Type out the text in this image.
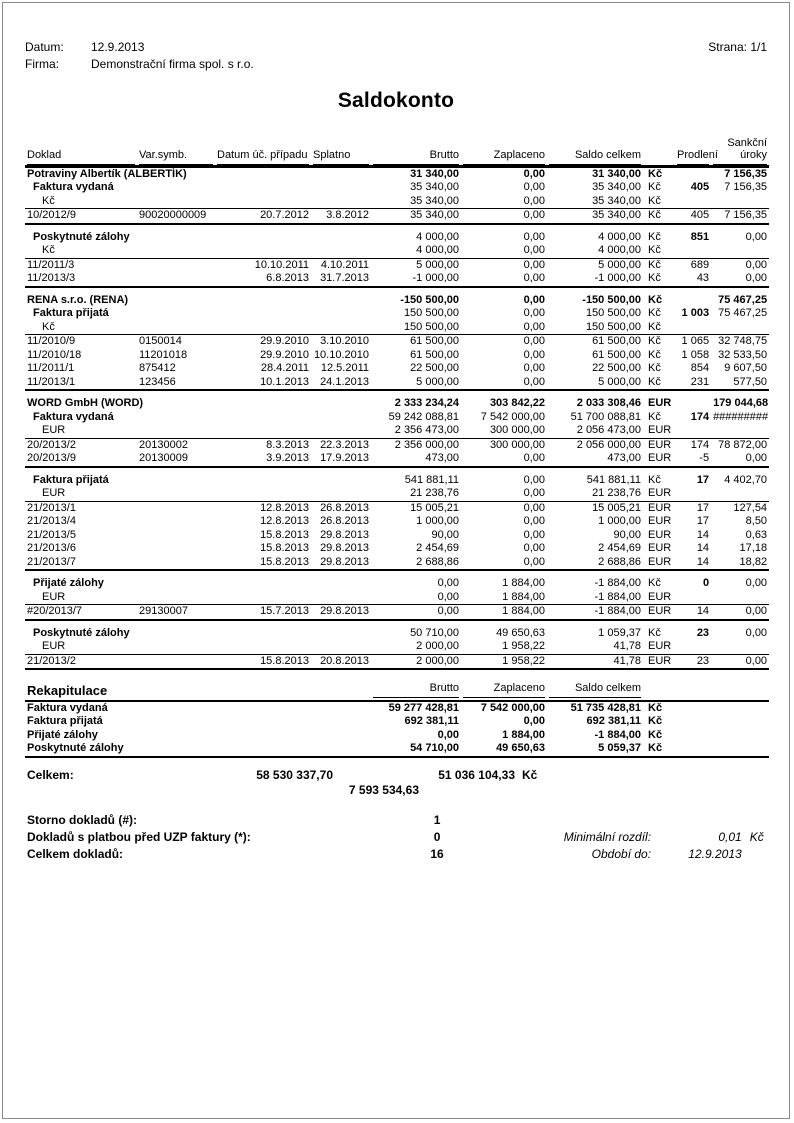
Datum:
Firma:
12.9.2013
Demonstrační firma spol. s r.o.
Strana: 1/1
Saldokonto
									Sankční

Doklad	Var.symb.	Datum úč. případu	Splatno	Brutto	Zaplaceno	Saldo celkem		Prodlení	úroky

Potraviny Albertík (ALBERTÍK)				31 340,00	0,00	31 340,00	Kč		7 156,35
Faktura vydaná				35 340,00	0,00	35 340,00	Kč	405	7 156,35
Kč				35 340,00	0,00	35 340,00	Kč		
10/2012/9	90020000009	20.7.2012	3.8.2012	35 340,00	0,00	35 340,00	Kč	405	7 156,35

Poskytnuté zálohy				4 000,00	0,00	4 000,00	Kč	851	0,00
Kč				4 000,00	0,00	4 000,00	Kč		
11/2011/3		10.10.2011	4.10.2011	5 000,00	0,00	5 000,00	Kč	689	0,00
11/2013/3		6.8.2013	31.7.2013	-1 000,00	0,00	-1 000,00	Kč	43	0,00

RENA s.r.o. (RENA)				-150 500,00	0,00	-150 500,00	Kč		75 467,25
Faktura přijatá				150 500,00	0,00	150 500,00	Kč	1 003	75 467,25
Kč				150 500,00	0,00	150 500,00	Kč		
11/2010/9	0150014	29.9.2010	3.10.2010	61 500,00	0,00	61 500,00	Kč	1 065	32 748,75
11/2010/18	11201018	29.9.2010	10.10.2010	61 500,00	0,00	61 500,00	Kč	1 058	32 533,50
11/2011/1	875412	28.4.2011	12.5.2011	22 500,00	0,00	22 500,00	Kč	854	9 607,50
11/2013/1	123456	10.1.2013	24.1.2013	5 000,00	0,00	5 000,00	Kč	231	577,50

WORD GmbH (WORD)				2 333 234,24	303 842,22	2 033 308,46	EUR		179 044,68
Faktura vydaná				59 242 088,81	7 542 000,00	51 700 088,81	Kč	174	#########
EUR				2 356 473,00	300 000,00	2 056 473,00	EUR		
20/2013/2	20130002	8.3.2013	22.3.2013	2 356 000,00	300 000,00	2 056 000,00	EUR	174	78 872,00
20/2013/9	20130009	3.9.2013	17.9.2013	473,00	0,00	473,00	EUR	-5	0,00

Faktura přijatá				541 881,11	0,00	541 881,11	Kč	17	4 402,70
EUR				21 238,76	0,00	21 238,76	EUR		
21/2013/1		12.8.2013	26.8.2013	15 005,21	0,00	15 005,21	EUR	17	127,54
21/2013/4		12.8.2013	26.8.2013	1 000,00	0,00	1 000,00	EUR	17	8,50
21/2013/5		15.8.2013	29.8.2013	90,00	0,00	90,00	EUR	14	0,63
21/2013/6		15.8.2013	29.8.2013	2 454,69	0,00	2 454,69	EUR	14	17,18
21/2013/7		15.8.2013	29.8.2013	2 688,86	0,00	2 688,86	EUR	14	18,82

Přijaté zálohy				0,00	1 884,00	-1 884,00	Kč	0	0,00
EUR				0,00	1 884,00	-1 884,00	EUR		
#20/2013/7	29130007	15.7.2013	29.8.2013	0,00	1 884,00	-1 884,00	EUR	14	0,00

Poskytnuté zálohy				50 710,00	49 650,63	1 059,37	Kč	23	0,00
EUR				2 000,00	1 958,22	41,78	EUR		
21/2013/2		15.8.2013	20.8.2013	2 000,00	1 958,22	41,78	EUR	23	0,00
Rekapitulace	Brutto	Zaplaceno	Saldo celkem		

Faktura vydaná	59 277 428,81	7 542 000,00	51 735 428,81	Kč	
Faktura přijatá	692 381,11	0,00	692 381,11	Kč	
Přijaté zálohy	0,00	1 884,00	-1 884,00	Kč	
Poskytnuté zálohy	54 710,00	49 650,63	5 059,37	Kč	
Celkem:	58 530 337,70		51 036 104,33	Kč	
		7 593 534,63			
Storno dokladů (#):	1			
Dokladů s platbou před UZP faktury (*):	0	Minimální rozdíl:	0,01	Kč
Celkem dokladů:	16	Období do:	12.9.2013	
